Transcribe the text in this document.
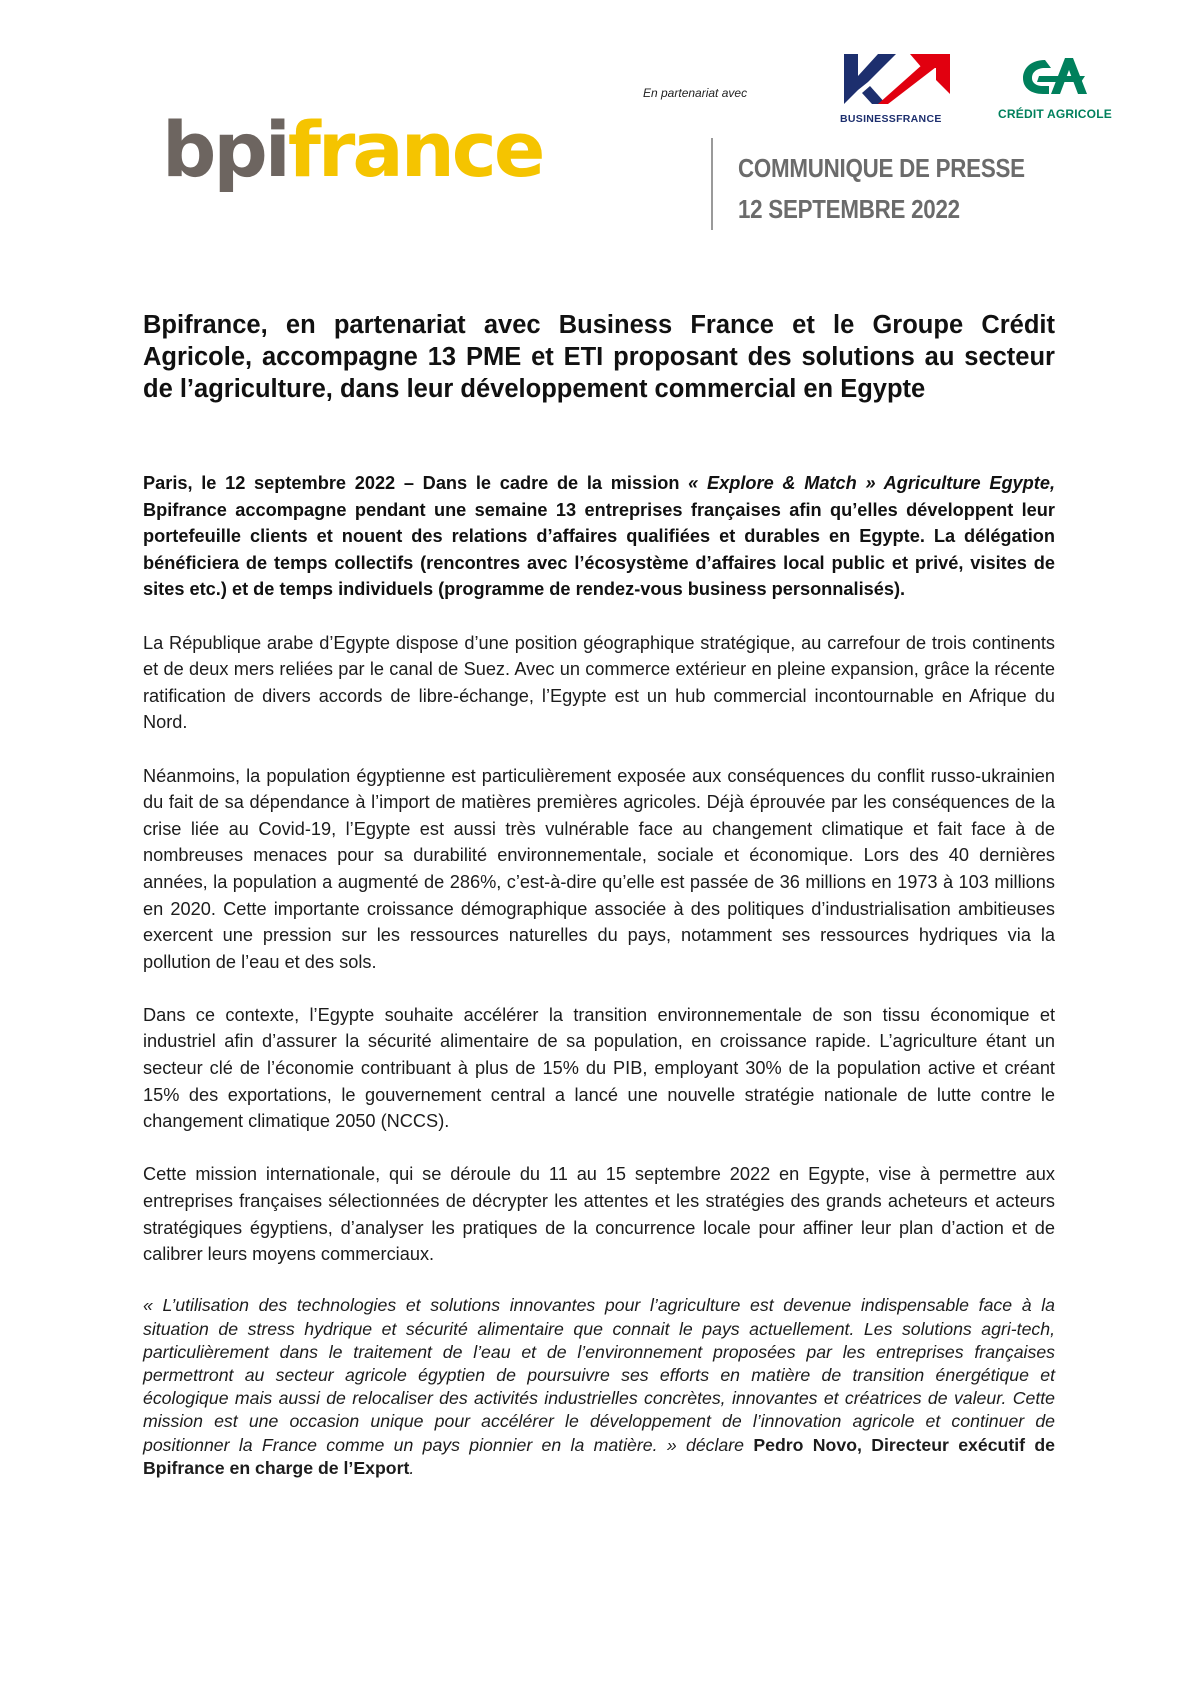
En partenariat avec
bpifrance	BUSINESSFRANCE	CRÉDIT AGRICOLE
COMMUNIQUE DE PRESSE
12 SEPTEMBRE 2022
Bpifrance, en partenariat avec Business France et le Groupe Crédit Agricole, accompagne 13 PME et ETI proposant des solutions au secteur de l’agriculture, dans leur développement commercial en Egypte

Paris, le 12 septembre 2022 – Dans le cadre de la mission « Explore & Match » Agriculture Egypte, Bpifrance accompagne pendant une semaine 13 entreprises françaises afin qu’elles développent leur portefeuille clients et nouent des relations d’affaires qualifiées et durables en Egypte. La délégation bénéficiera de temps collectifs (rencontres avec l’écosystème d’affaires local public et privé, visites de sites etc.) et de temps individuels (programme de rendez-vous business personnalisés).

La République arabe d’Egypte dispose d’une position géographique stratégique, au carrefour de trois continents et de deux mers reliées par le canal de Suez. Avec un commerce extérieur en pleine expansion, grâce la récente ratification de divers accords de libre-échange, l’Egypte est un hub commercial incontournable en Afrique du Nord.

Néanmoins, la population égyptienne est particulièrement exposée aux conséquences du conflit russo-ukrainien du fait de sa dépendance à l’import de matières premières agricoles. Déjà éprouvée par les conséquences de la crise liée au Covid-19, l’Egypte est aussi très vulnérable face au changement climatique et fait face à de nombreuses menaces pour sa durabilité environnementale, sociale et économique. Lors des 40 dernières années, la population a augmenté de 286%, c’est-à-dire qu’elle est passée de 36 millions en 1973 à 103 millions en 2020. Cette importante croissance démographique associée à des politiques d’industrialisation ambitieuses exercent une pression sur les ressources naturelles du pays, notamment ses ressources hydriques via la pollution de l’eau et des sols.

Dans ce contexte, l’Egypte souhaite accélérer la transition environnementale de son tissu économique et industriel afin d’assurer la sécurité alimentaire de sa population, en croissance rapide. L’agriculture étant un secteur clé de l’économie contribuant à plus de 15% du PIB, employant 30% de la population active et créant 15% des exportations, le gouvernement central a lancé une nouvelle stratégie nationale de lutte contre le changement climatique 2050 (NCCS).

Cette mission internationale, qui se déroule du 11 au 15 septembre 2022 en Egypte, vise à permettre aux entreprises françaises sélectionnées de décrypter les attentes et les stratégies des grands acheteurs et acteurs stratégiques égyptiens, d’analyser les pratiques de la concurrence locale pour affiner leur plan d’action et de calibrer leurs moyens commerciaux.

« L’utilisation des technologies et solutions innovantes pour l’agriculture est devenue indispensable face à la situation de stress hydrique et sécurité alimentaire que connait le pays actuellement. Les solutions agri-tech, particulièrement dans le traitement de l’eau et de l’environnement proposées par les entreprises françaises permettront au secteur agricole égyptien de poursuivre ses efforts en matière de transition énergétique et écologique mais aussi de relocaliser des activités industrielles concrètes, innovantes et créatrices de valeur. Cette mission est une occasion unique pour accélérer le développement de l’innovation agricole et continuer de positionner la France comme un pays pionnier en la matière. » déclare Pedro Novo, Directeur exécutif de Bpifrance en charge de l’Export.
